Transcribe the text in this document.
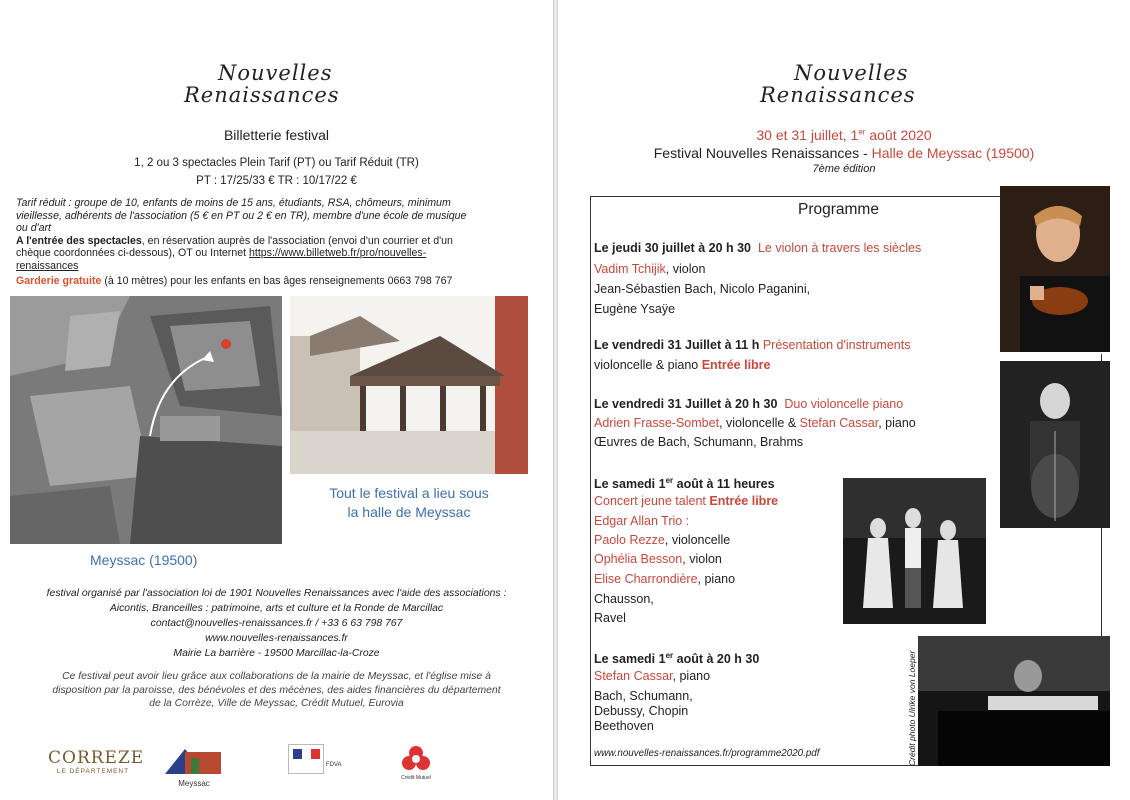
Nouvelles
Renaissances
Billetterie festival
1, 2 ou 3 spectacles Plein Tarif (PT) ou Tarif Réduit (TR)
PT : 17/25/33 € TR : 10/17/22 €
Tarif réduit : groupe de 10, enfants de moins de 15 ans, étudiants, RSA, chômeurs, minimum
vieillesse, adhérents de l'association (5 € en PT ou 2 € en TR), membre d'une école de musique
ou d'art
A l'entrée des spectacles, en réservation auprès de l'association (envoi d'un courrier et d'un
chèque coordonnées ci-dessous), OT ou Internet https://www.billetweb.fr/pro/nouvelles-
renaissances
Garderie gratuite (à 10 mètres) pour les enfants en bas âges renseignements 0663 798 767
Tout le festival a lieu sous
la halle de Meyssac
Meyssac (19500)
festival organisé par l'association loi de 1901 Nouvelles Renaissances avec l'aide des associations :
Aicontis, Branceilles : patrimoine, arts et culture et la Ronde de Marcillac
contact@nouvelles-renaissances.fr / +33 6 63 798 767
www.nouvelles-renaissances.fr
Mairie La barrière - 19500 Marcillac-la-Croze
Ce festival peut avoir lieu grâce aux collaborations de la mairie de Meyssac, et l'église mise à
disposition par la paroisse, des bénévoles et des mécènes, des aides financières du département
de la Corrèze, Ville de Meyssac, Crédit Mutuel, Eurovia
CORREZE
LE DÉPARTEMENT
Meyssac
FDVA
Crédit Mutuel
Nouvelles
Renaissances
30 et 31 juillet, 1er août 2020
Festival Nouvelles Renaissances - Halle de Meyssac (19500)
7ème édition
Programme
Crédit photo Ulrike von Loeper
Le jeudi 30 juillet à 20 h 30 Le violon à travers les siècles
Vadim Tchijik, violon
Jean-Sébastien Bach, Nicolo Paganini,
Eugène Ysaÿe
Le vendredi 31 Juillet à 11 h Présentation d'instruments
violoncelle & piano Entrée libre
Le vendredi 31 Juillet à 20 h 30 Duo violoncelle piano
Adrien Frasse-Sombet, violoncelle & Stefan Cassar, piano
Œuvres de Bach, Schumann, Brahms
Le samedi 1er août à 11 heures
Concert jeune talent Entrée libre
Edgar Allan Trio :
Paolo Rezze, violoncelle
Ophélia Besson, violon
Elise Charrondière, piano
Chausson,
Ravel
Le samedi 1er août à 20 h 30
Stefan Cassar, piano
Bach, Schumann,
Debussy, Chopin
Beethoven
www.nouvelles-renaissances.fr/programme2020.pdf
